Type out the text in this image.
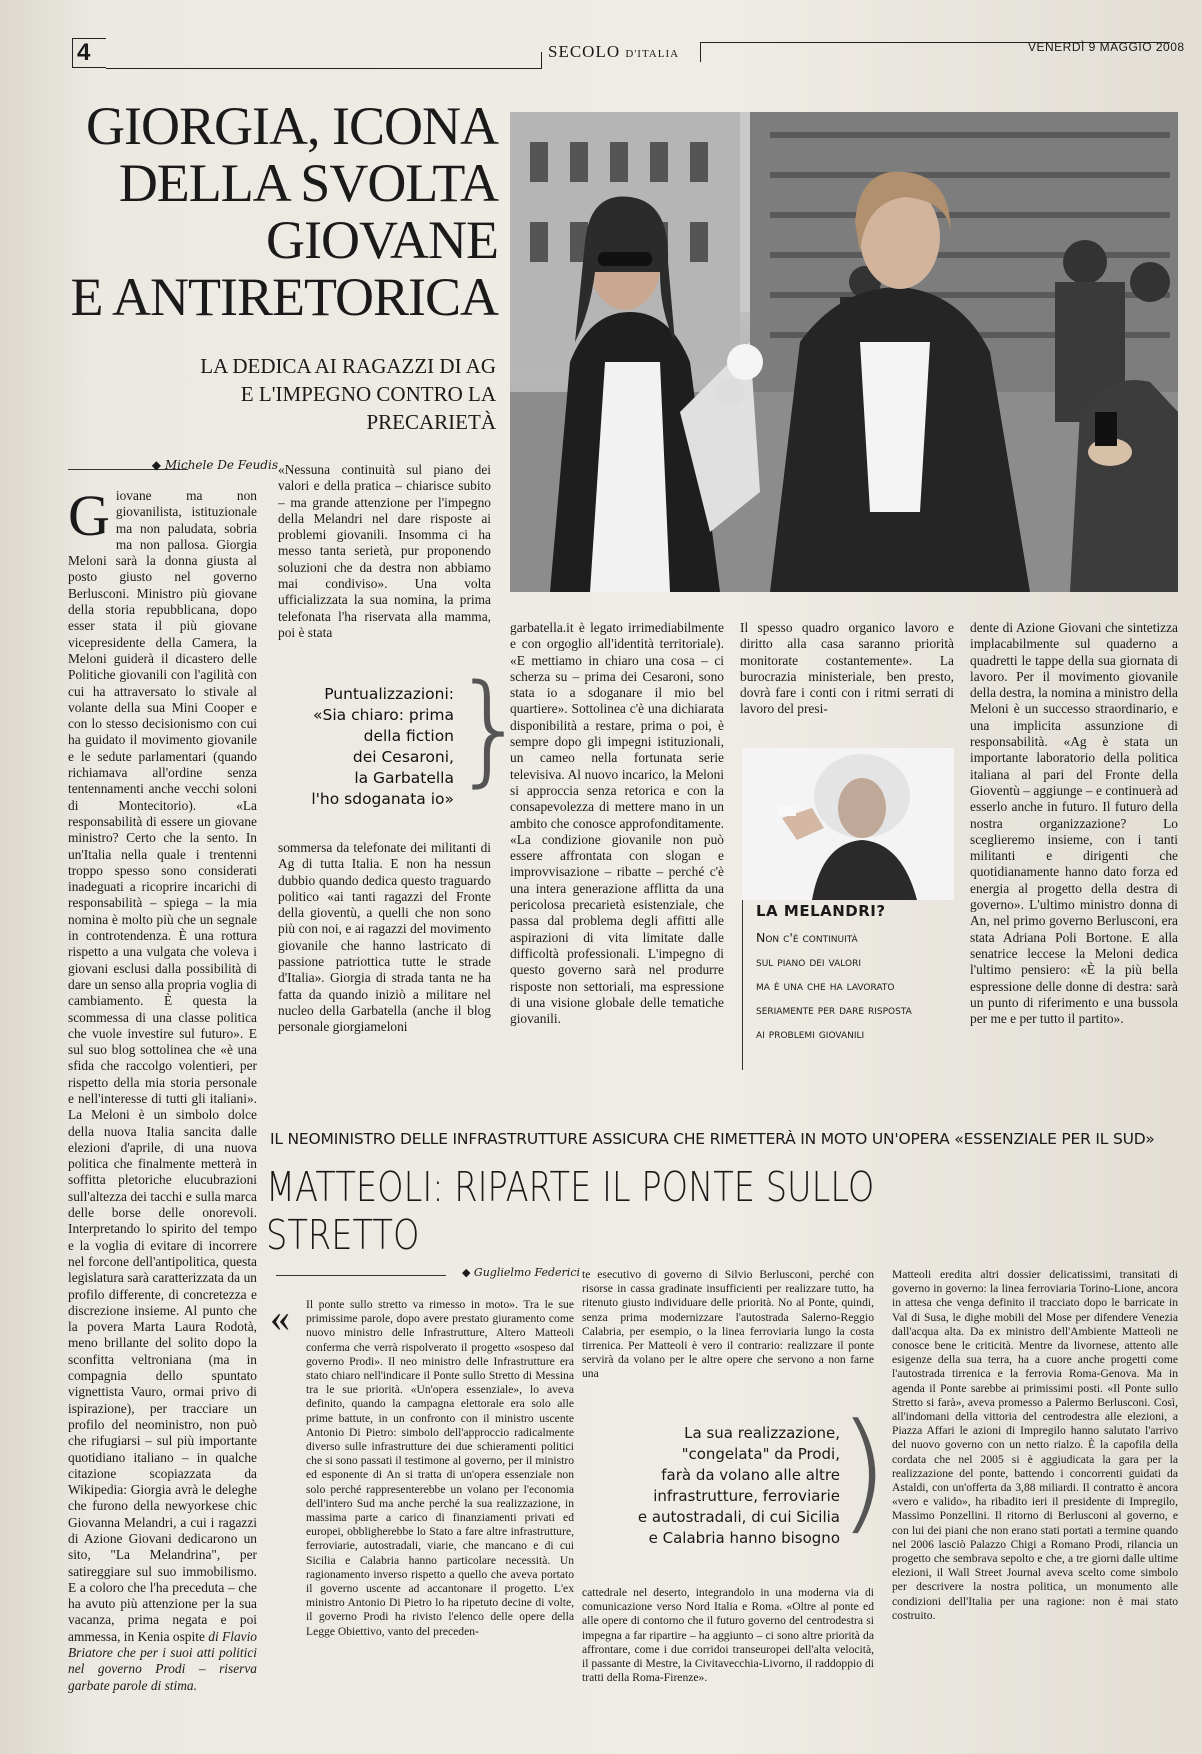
4	SECOLO D'ITALIA	VENERDÌ 9 MAGGIO 2008
GIORGIA, ICONA
DELLA SVOLTA
GIOVANE
E ANTIRETORICA
LA DEDICA AI RAGAZZI DI AG
E L'IMPEGNO CONTRO LA PRECARIETÀ
◆ Michele De Feudis
Giovane ma non giovanilista, istituzionale ma non paludata, sobria ma non pallosa. Giorgia Meloni sarà la donna giusta al posto giusto nel governo Berlusconi. Ministro più giovane della storia repubblicana, dopo esser stata il più giovane vicepresidente della Camera, la Meloni guiderà il dicastero delle Politiche giovanili con l'agilità con cui ha attraversato lo stivale al volante della sua Mini Cooper e con lo stesso decisionismo con cui ha guidato il movimento giovanile e le sedute parlamentari (quando richiamava all'ordine senza tentennamenti anche vecchi soloni di Montecitorio). «La responsabilità di essere un giovane ministro? Certo che la sento. In un'Italia nella quale i trentenni troppo spesso sono considerati inadeguati a ricoprire incarichi di responsabilità – spiega – la mia nomina è molto più che un segnale in controtendenza. È una rottura rispetto a una vulgata che voleva i giovani esclusi dalla possibilità di dare un senso alla propria voglia di cambiamento. È questa la scommessa di una classe politica che vuole investire sul futuro». E sul suo blog sottolinea che «è una sfida che raccolgo volentieri, per rispetto della mia storia personale e nell'interesse di tutti gli italiani». La Meloni è un simbolo dolce della nuova Italia sancita dalle elezioni d'aprile, di una nuova politica che finalmente metterà in soffitta pletoriche elucubrazioni sull'altezza dei tacchi e sulla marca delle borse delle onorevoli. Interpretando lo spirito del tempo e la voglia di evitare di incorrere nel forcone dell'antipolitica, questa legislatura sarà caratterizzata da un profilo differente, di concretezza e discrezione insieme. Al punto che la povera Marta Laura Rodotà, meno brillante del solito dopo la sconfitta veltroniana (ma in compagnia dello spuntato vignettista Vauro, ormai privo di ispirazione), per tracciare un profilo del neoministro, non può che rifugiarsi – sul più importante quotidiano italiano – in qualche citazione scopiazzata da Wikipedia: Giorgia avrà le deleghe che furono della newyorkese chic Giovanna Melandri, a cui i ragazzi di Azione Giovani dedicarono un sito, "La Melandrina", per satireggiare sul suo immobilismo. E a coloro che l'ha preceduta – che ha avuto più attenzione per la sua vacanza, prima negata e poi ammessa, in Kenia ospite di Flavio Briatore che per i suoi atti politici nel governo Prodi – riserva garbate parole di stima.
«Nessuna continuità sul piano dei valori e della pratica – chiarisce subito – ma grande attenzione per l'impegno della Melandri nel dare risposte ai problemi giovanili. Insomma ci ha messo tanta serietà, pur proponendo soluzioni che da destra non abbiamo mai condiviso». Una volta ufficializzata la sua nomina, la prima telefonata l'ha riservata alla mamma, poi è stata
Puntualizzazioni:
«Sia chiaro: prima
della fiction
dei Cesaroni,
la Garbatella
l'ho sdoganata io»
}
sommersa da telefonate dei militanti di Ag di tutta Italia. E non ha nessun dubbio quando dedica questo traguardo politico «ai tanti ragazzi del Fronte della gioventù, a quelli che non sono più con noi, e ai ragazzi del movimento giovanile che hanno lastricato di passione patriottica tutte le strade d'Italia». Giorgia di strada tanta ne ha fatta da quando iniziò a militare nel nucleo della Garbatella (anche il blog personale giorgiameloni
garbatella.it è legato irrimediabilmente e con orgoglio all'identità territoriale). «E mettiamo in chiaro una cosa – ci scherza su – prima dei Cesaroni, sono stata io a sdoganare il mio bel quartiere». Sottolinea c'è una dichiarata disponibilità a restare, prima o poi, è sempre dopo gli impegni istituzionali, un cameo nella fortunata serie televisiva. Al nuovo incarico, la Meloni si approccia senza retorica e con la consapevolezza di mettere mano in un ambito che conosce approfonditamente. «La condizione giovanile non può essere affrontata con slogan e improvvisazione – ribatte – perché c'è una intera generazione afflitta da una pericolosa precarietà esistenziale, che passa dal problema degli affitti alle aspirazioni di vita limitate dalle difficoltà professionali. L'impegno di questo governo sarà nel produrre risposte non settoriali, ma espressione di una visione globale delle tematiche giovanili.
Il spesso quadro organico lavoro e diritto alla casa saranno priorità monitorate costantemente». La burocrazia ministeriale, ben presto, dovrà fare i conti con i ritmi serrati di lavoro del presi-
LA MELANDRI?
Non c'è continuità
sul piano dei valori
ma è una che ha lavorato
seriamente per dare risposta
ai problemi giovanili
dente di Azione Giovani che sintetizza implacabilmente sul quaderno a quadretti le tappe della sua giornata di lavoro. Per il movimento giovanile della destra, la nomina a ministro della Meloni è un successo straordinario, e una implicita assunzione di responsabilità. «Ag è stata un importante laboratorio della politica italiana al pari del Fronte della Gioventù – aggiunge – e continuerà ad esserlo anche in futuro. Il futuro della nostra organizzazione? Lo sceglieremo insieme, con i tanti militanti e dirigenti che quotidianamente hanno dato forza ed energia al progetto della destra di governo». L'ultimo ministro donna di An, nel primo governo Berlusconi, era stata Adriana Poli Bortone. E alla senatrice leccese la Meloni dedica l'ultimo pensiero: «È la più bella espressione delle donne di destra: sarà un punto di riferimento e una bussola per me e per tutto il partito».
IL NEOMINISTRO DELLE INFRASTRUTTURE ASSICURA CHE RIMETTERÀ IN MOTO UN'OPERA «ESSENZIALE PER IL SUD»
MATTEOLI: RIPARTE IL PONTE SULLO STRETTO
◆ Guglielmo Federici
« Il ponte sullo stretto va rimesso in moto». Tra le sue primissime parole, dopo avere prestato giuramento come nuovo ministro delle Infrastrutture, Altero Matteoli conferma che verrà rispolverato il progetto «sospeso dal governo Prodi». Il neo ministro delle Infrastrutture era stato chiaro nell'indicare il Ponte sullo Stretto di Messina tra le sue priorità. «Un'opera essenziale», lo aveva definito, quando la campagna elettorale era solo alle prime battute, in un confronto con il ministro uscente Antonio Di Pietro: simbolo dell'approccio radicalmente diverso sulle infrastrutture dei due schieramenti politici che si sono passati il testimone al governo, per il ministro ed esponente di An si tratta di un'opera essenziale non solo perché rappresenterebbe un volano per l'economia dell'intero Sud ma anche perché la sua realizzazione, in massima parte a carico di finanziamenti privati ed europei, obbligherebbe lo Stato a fare altre infrastrutture, ferroviarie, autostradali, viarie, che mancano e di cui Sicilia e Calabria hanno particolare necessità. Un ragionamento inverso rispetto a quello che aveva portato il governo uscente ad accantonare il progetto. L'ex ministro Antonio Di Pietro lo ha ripetuto decine di volte, il governo Prodi ha rivisto l'elenco delle opere della Legge Obiettivo, vanto del preceden-
te esecutivo di governo di Silvio Berlusconi, perché con risorse in cassa gradinate insufficienti per realizzare tutto, ha ritenuto giusto individuare delle priorità. No al Ponte, quindi, senza prima modernizzare l'autostrada Salerno-Reggio Calabria, per esempio, o la linea ferroviaria lungo la costa tirrenica. Per Matteoli è vero il contrario: realizzare il ponte servirà da volano per le altre opere che servono a non farne una
La sua realizzazione,
"congelata" da Prodi,
farà da volano alle altre
infrastrutture, ferroviarie
e autostradali, di cui Sicilia
e Calabria hanno bisogno
)
cattedrale nel deserto, integrandolo in una moderna via di comunicazione verso Nord Italia e Roma. «Oltre al ponte ed alle opere di contorno che il futuro governo del centrodestra si impegna a far ripartire – ha aggiunto – ci sono altre priorità da affrontare, come i due corridoi transeuropei dell'alta velocità, il passante di Mestre, la Civitavecchia-Livorno, il raddoppio di tratti della Roma-Firenze».
Matteoli eredita altri dossier delicatissimi, transitati di governo in governo: la linea ferroviaria Torino-Lione, ancora in attesa che venga definito il tracciato dopo le barricate in Val di Susa, le dighe mobili del Mose per difendere Venezia dall'acqua alta. Da ex ministro dell'Ambiente Matteoli ne conosce bene le criticità. Mentre da livornese, attento alle esigenze della sua terra, ha a cuore anche progetti come l'autostrada tirrenica e la ferrovia Roma-Genova. Ma in agenda il Ponte sarebbe ai primissimi posti. «Il Ponte sullo Stretto si farà», aveva promesso a Palermo Berlusconi. Così, all'indomani della vittoria del centrodestra alle elezioni, a Piazza Affari le azioni di Impregilo hanno salutato l'arrivo del nuovo governo con un netto rialzo. È la capofila della cordata che nel 2005 si è aggiudicata la gara per la realizzazione del ponte, battendo i concorrenti guidati da Astaldi, con un'offerta da 3,88 miliardi. Il contratto è ancora «vero e valido», ha ribadito ieri il presidente di Impregilo, Massimo Ponzellini. Il ritorno di Berlusconi al governo, e con lui dei piani che non erano stati portati a termine quando nel 2006 lasciò Palazzo Chigi a Romano Prodi, rilancia un progetto che sembrava sepolto e che, a tre giorni dalle ultime elezioni, il Wall Street Journal aveva scelto come simbolo per descrivere la nostra politica, un monumento alle condizioni dell'Italia per una ragione: non è mai stato costruito.
